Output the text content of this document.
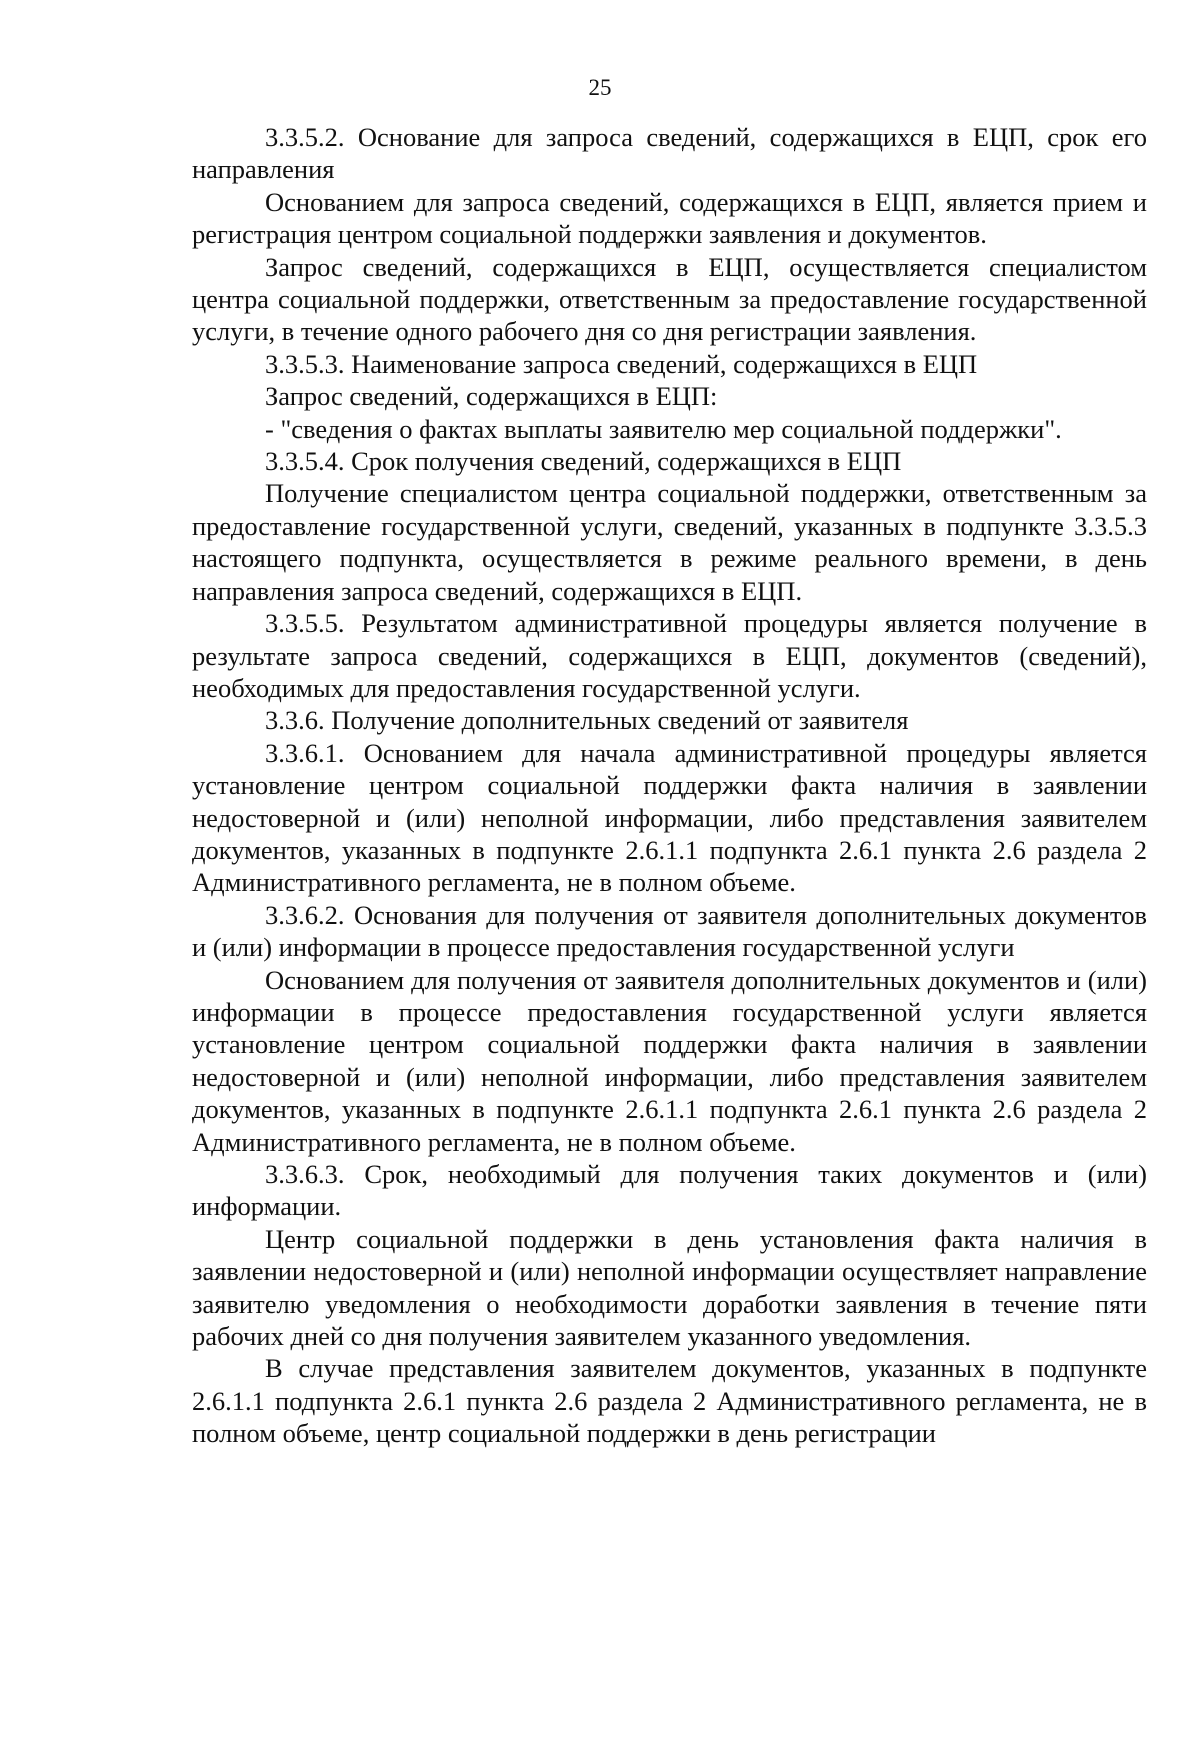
25

3.3.5.2. Основание для запроса сведений, содержащихся в ЕЦП, срок его направления

Основанием для запроса сведений, содержащихся в ЕЦП, является прием и регистрация центром социальной поддержки заявления и документов.

Запрос сведений, содержащихся в ЕЦП, осуществляется специалистом центра социальной поддержки, ответственным за предоставление государственной услуги, в течение одного рабочего дня со дня регистрации заявления.

3.3.5.3. Наименование запроса сведений, содержащихся в ЕЦП

Запрос сведений, содержащихся в ЕЦП:

- "сведения о фактах выплаты заявителю мер социальной поддержки".

3.3.5.4. Срок получения сведений, содержащихся в ЕЦП

Получение специалистом центра социальной поддержки, ответственным за предоставление государственной услуги, сведений, указанных в подпункте 3.3.5.3 настоящего подпункта, осуществляется в режиме реального времени, в день направления запроса сведений, содержащихся в ЕЦП.

3.3.5.5. Результатом административной процедуры является получение в результате запроса сведений, содержащихся в ЕЦП, документов (сведений), необходимых для предоставления государственной услуги.

3.3.6. Получение дополнительных сведений от заявителя

3.3.6.1. Основанием для начала административной процедуры является установление центром социальной поддержки факта наличия в заявлении недостоверной и (или) неполной информации, либо представления заявителем документов, указанных в подпункте 2.6.1.1 подпункта 2.6.1 пункта 2.6 раздела 2 Административного регламента, не в полном объеме.

3.3.6.2. Основания для получения от заявителя дополнительных документов и (или) информации в процессе предоставления государственной услуги

Основанием для получения от заявителя дополнительных документов и (или) информации в процессе предоставления государственной услуги является установление центром социальной поддержки факта наличия в заявлении недостоверной и (или) неполной информации, либо представления заявителем документов, указанных в подпункте 2.6.1.1 подпункта 2.6.1 пункта 2.6 раздела 2 Административного регламента, не в полном объеме.

3.3.6.3. Срок, необходимый для получения таких документов и (или) информации.

Центр социальной поддержки в день установления факта наличия в заявлении недостоверной и (или) неполной информации осуществляет направление заявителю уведомления о необходимости доработки заявления в течение пяти рабочих дней со дня получения заявителем указанного уведомления.

В случае представления заявителем документов, указанных в подпункте 2.6.1.1 подпункта 2.6.1 пункта 2.6 раздела 2 Административного регламента, не в полном объеме, центр социальной поддержки в день регистрации
